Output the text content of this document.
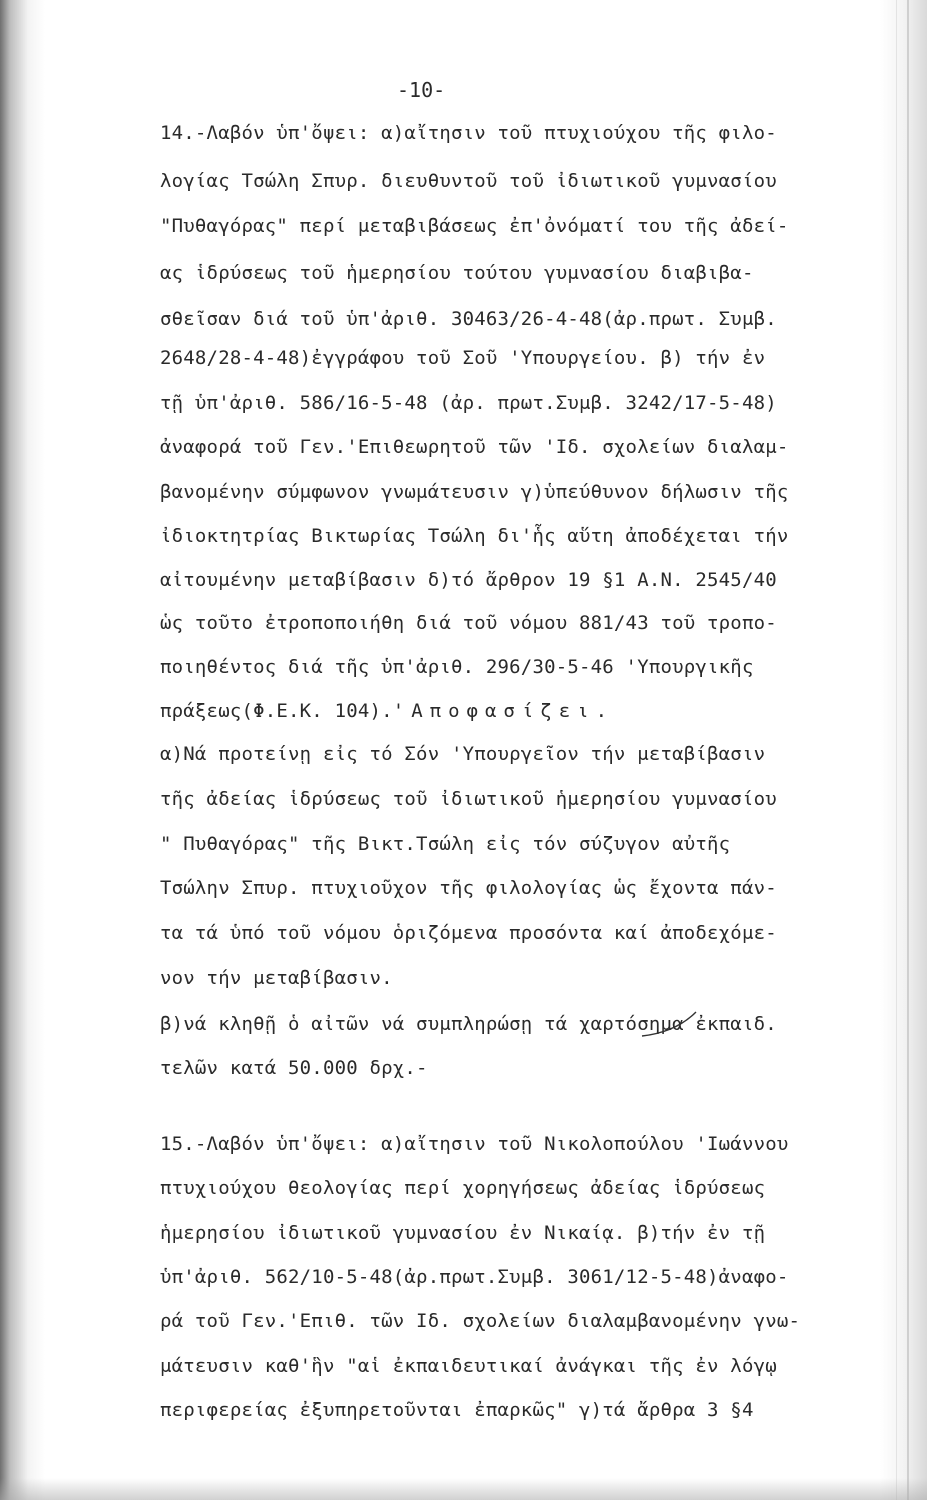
-10-
14.-Λαβόν ὑπ'ὄψει: α)αἴτησιν τοῦ πτυχιούχου τῆς φιλο-
λογίας Τσώλη Σπυρ. διευθυντοῦ τοῦ ἰδιωτικοῦ γυμνασίου
"Πυθαγόρας" περί μεταβιβάσεως ἐπ'ὀνόματί του τῆς ἀδεί-
ας ἱδρύσεως τοῦ ἡμερησίου τούτου γυμνασίου διαβιβα-
σθεῖσαν διά τοῦ ὑπ'ἀριθ. 30463/26-4-48(ἀρ.πρωτ. Συμβ.
2648/28-4-48)ἐγγράφου τοῦ Σοῦ 'Υπουργείου. β) τήν ἐν
τῇ ὑπ'ἀριθ. 586/16-5-48 (ἀρ. πρωτ.Συμβ. 3242/17-5-48)
ἀναφορά τοῦ Γεν.'Επιθεωρητοῦ τῶν 'Ιδ. σχολείων διαλαμ-
βανομένην σύμφωνον γνωμάτευσιν γ)ὑπεύθυνον δήλωσιν τῆς
ἰδιοκτητρίας Βικτωρίας Τσώλη δι'ἧς αὕτη ἀποδέχεται τήν
αἰτουμένην μεταβίβασιν δ)τό ἄρθρον 19 §1 Α.Ν. 2545/40
ὡς τοῦτο ἐτροποποιήθη διά τοῦ νόμου 881/43 τοῦ τροπο-
ποιηθέντος διά τῆς ὑπ'ἀριθ. 296/30-5-46 'Υπουργικῆς
πράξεως(Φ.Ε.Κ. 104).'Αποφασίζει.
α)Νά προτείνῃ εἰς τό Σόν 'Υπουργεῖον τήν μεταβίβασιν
τῆς ἀδείας ἱδρύσεως τοῦ ἰδιωτικοῦ ἡμερησίου γυμνασίου
" Πυθαγόρας" τῆς Βικτ.Τσώλη εἰς τόν σύζυγον αὐτῆς
Τσώλην Σπυρ. πτυχιοῦχον τῆς φιλολογίας ὡς ἔχοντα πάν-
τα τά ὑπό τοῦ νόμου ὁριζόμενα προσόντα καί ἀποδεχόμε-
νον τήν μεταβίβασιν.
β)νά κληθῇ ὁ αἰτῶν νά συμπληρώσῃ τά χαρτόσημα ἐκπαιδ.
τελῶν κατά 50.000 δρχ.-
15.-Λαβόν ὑπ'ὄψει: α)αἴτησιν τοῦ Νικολοπούλου 'Ιωάννου
πτυχιούχου θεολογίας περί χορηγήσεως ἀδείας ἱδρύσεως
ἡμερησίου ἰδιωτικοῦ γυμνασίου ἐν Νικαίᾳ. β)τήν ἐν τῇ
ὑπ'ἀριθ. 562/10-5-48(ἀρ.πρωτ.Συμβ. 3061/12-5-48)ἀναφο-
ρά τοῦ Γεν.'Επιθ. τῶν Ιδ. σχολείων διαλαμβανομένην γνω-
μάτευσιν καθ'ἣν "αἱ ἐκπαιδευτικαί ἀνάγκαι τῆς ἐν λόγῳ
περιφερείας ἐξυπηρετοῦνται ἐπαρκῶς" γ)τά ἄρθρα 3 §4
